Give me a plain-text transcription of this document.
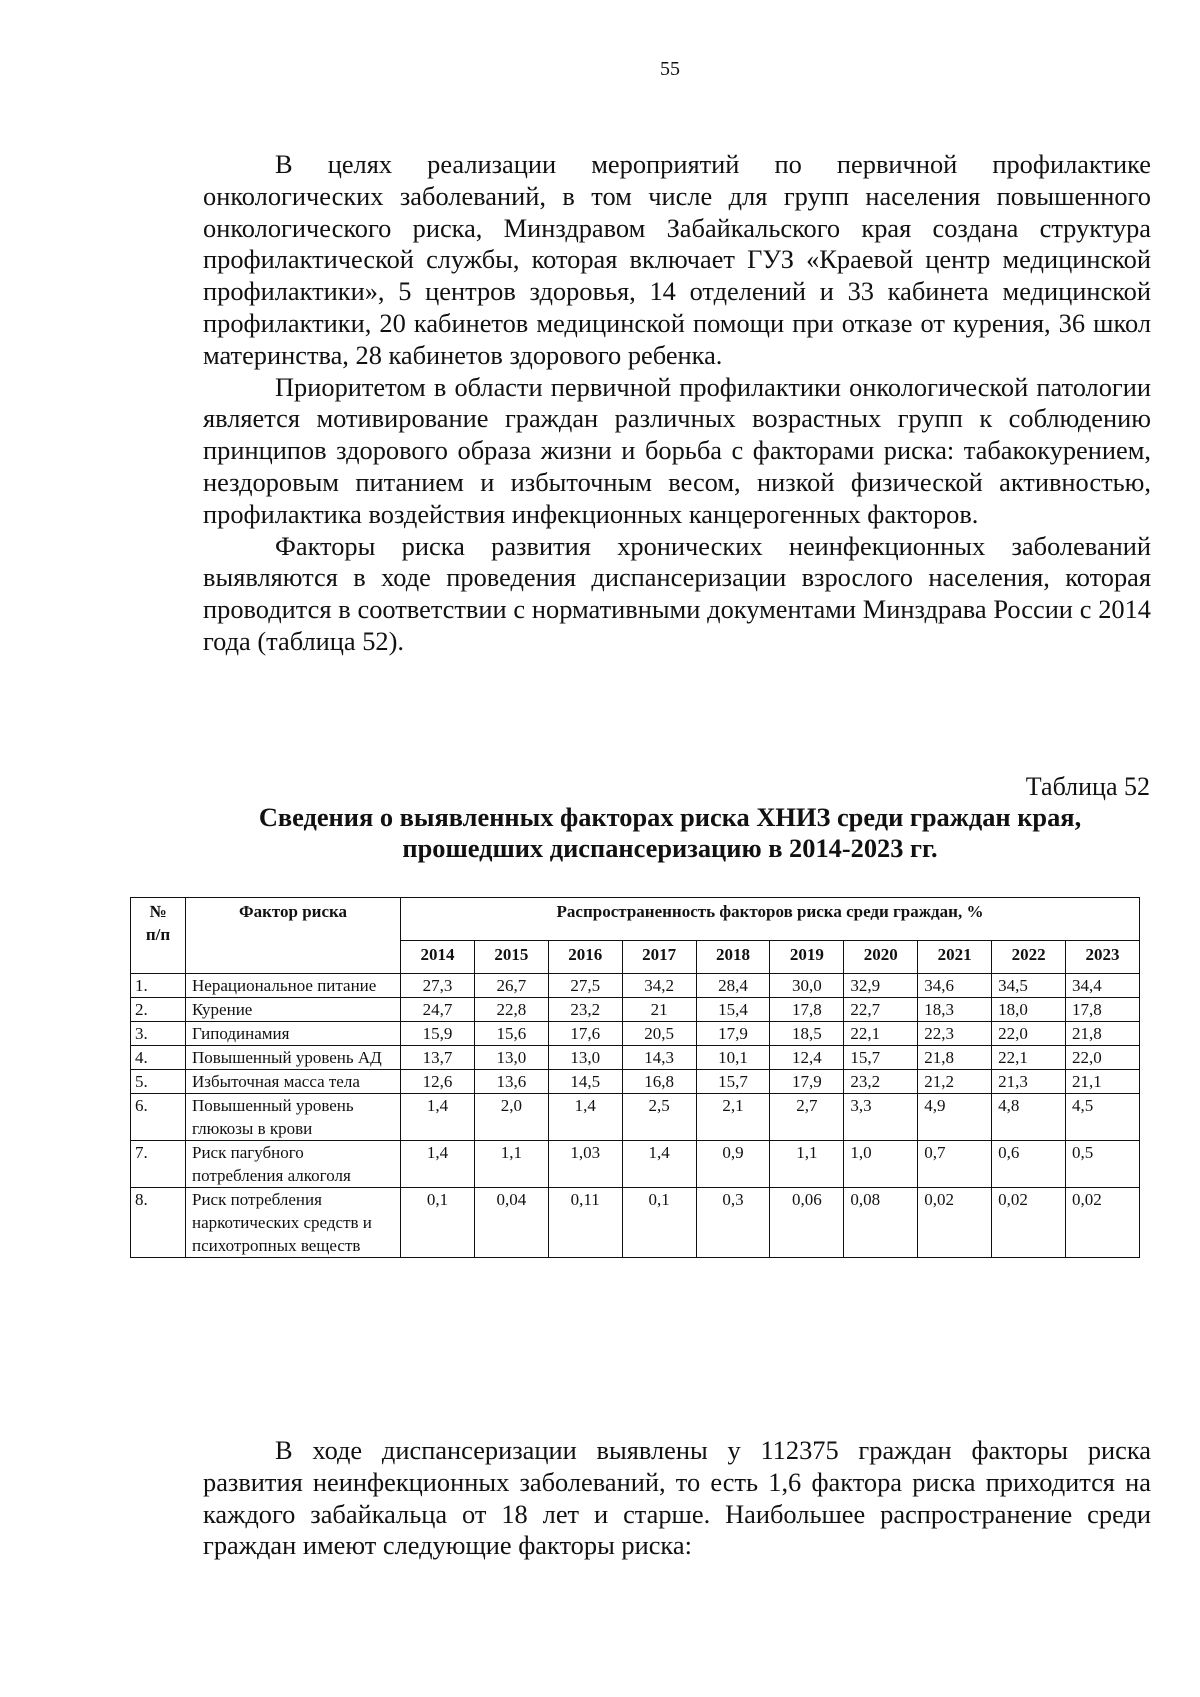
55

В целях реализации мероприятий по первичной профилактике онкологических заболеваний, в том числе для групп населения повышенного онкологического риска, Минздравом Забайкальского края создана структура профилактической службы, которая включает ГУЗ «Краевой центр медицинской профилактики», 5 центров здоровья, 14 отделений и 33 кабинета медицинской профилактики, 20 кабинетов медицинской помощи при отказе от курения, 36 школ материнства, 28 кабинетов здорового ребенка.

Приоритетом в области первичной профилактики онкологической патологии является мотивирование граждан различных возрастных групп к соблюдению принципов здорового образа жизни и борьба с факторами риска: табакокурением, нездоровым питанием и избыточным весом, низкой физической активностью, профилактика воздействия инфекционных канцерогенных факторов.

Факторы риска развития хронических неинфекционных заболеваний выявляются в ходе проведения диспансеризации взрослого населения, которая проводится в соответствии с нормативными документами Минздрава России с 2014 года (таблица 52).

Таблица 52
Сведения о выявленных факторах риска ХНИЗ среди граждан края,
прошедших диспансеризацию в 2014-2023 гг.
№
п/п	Фактор риска	Распространенность факторов риска среди граждан, %									
		2014	2015	2016	2017	2018	2019	2020	2021	2022	2023
1.	Нерациональное питание	27,3	26,7	27,5	34,2	28,4	30,0	32,9	34,6	34,5	34,4
2.	Курение	24,7	22,8	23,2	21	15,4	17,8	22,7	18,3	18,0	17,8
3.	Гиподинамия	15,9	15,6	17,6	20,5	17,9	18,5	22,1	22,3	22,0	21,8
4.	Повышенный уровень АД	13,7	13,0	13,0	14,3	10,1	12,4	15,7	21,8	22,1	22,0
5.	Избыточная масса тела	12,6	13,6	14,5	16,8	15,7	17,9	23,2	21,2	21,3	21,1
6.	Повышенный уровень глюкозы в крови	1,4	2,0	1,4	2,5	2,1	2,7	3,3	4,9	4,8	4,5
7.	Риск пагубного потребления алкоголя	1,4	1,1	1,03	1,4	0,9	1,1	1,0	0,7	0,6	0,5
8.	Риск потребления наркотических средств и психотропных веществ	0,1	0,04	0,11	0,1	0,3	0,06	0,08	0,02	0,02	0,02

В ходе диспансеризации выявлены у 112375 граждан факторы риска развития неинфекционных заболеваний, то есть 1,6 фактора риска приходится на каждого забайкальца от 18 лет и старше. Наибольшее распространение среди граждан имеют следующие факторы риска:
